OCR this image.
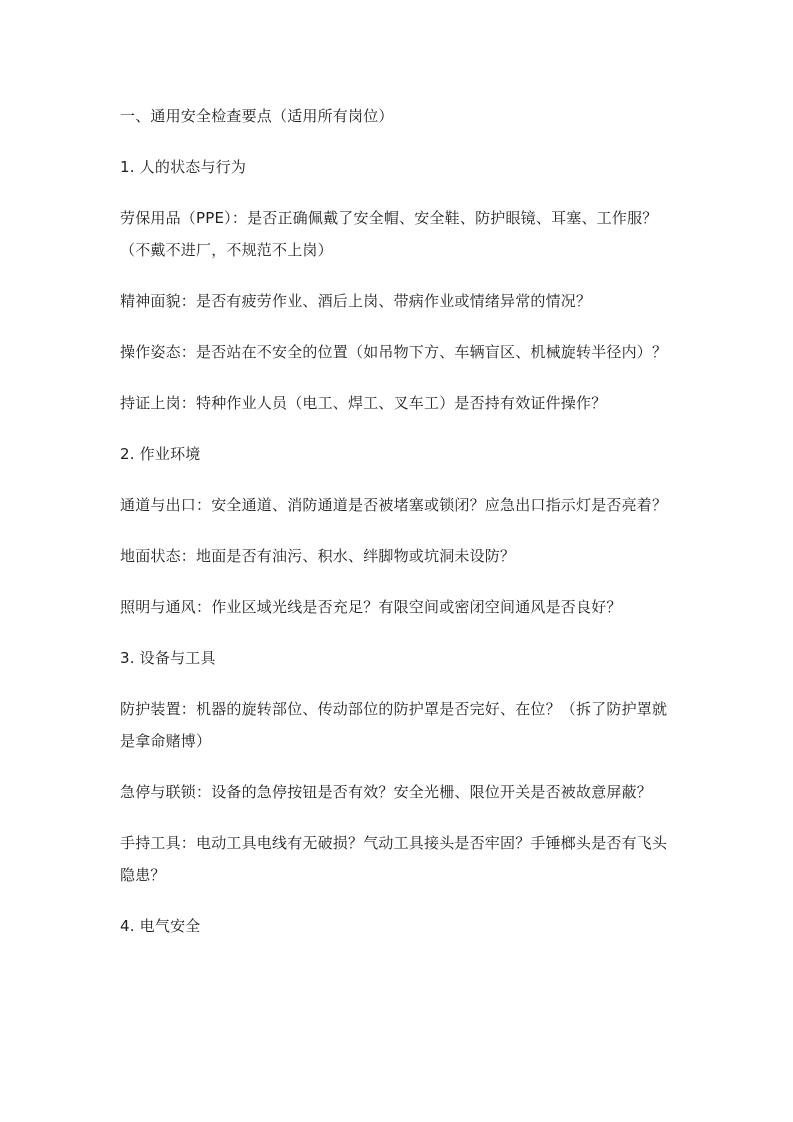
一、通用安全检查要点（适用所有岗位）

1. 人的状态与行为

劳保用品（PPE）：是否正确佩戴了安全帽、安全鞋、防护眼镜、耳塞、工作服？（不戴不进厂，不规范不上岗）

精神面貌：是否有疲劳作业、酒后上岗、带病作业或情绪异常的情况？

操作姿态：是否站在不安全的位置（如吊物下方、车辆盲区、机械旋转半径内）？

持证上岗：特种作业人员（电工、焊工、叉车工）是否持有效证件操作？

2. 作业环境

通道与出口：安全通道、消防通道是否被堵塞或锁闭？应急出口指示灯是否亮着？

地面状态：地面是否有油污、积水、绊脚物或坑洞未设防？

照明与通风：作业区域光线是否充足？有限空间或密闭空间通风是否良好？

3. 设备与工具

防护装置：机器的旋转部位、传动部位的防护罩是否完好、在位？（拆了防护罩就是拿命赌博）

急停与联锁：设备的急停按钮是否有效？安全光栅、限位开关是否被故意屏蔽？

手持工具：电动工具电线有无破损？气动工具接头是否牢固？手锤榔头是否有飞头隐患？

4. 电气安全
